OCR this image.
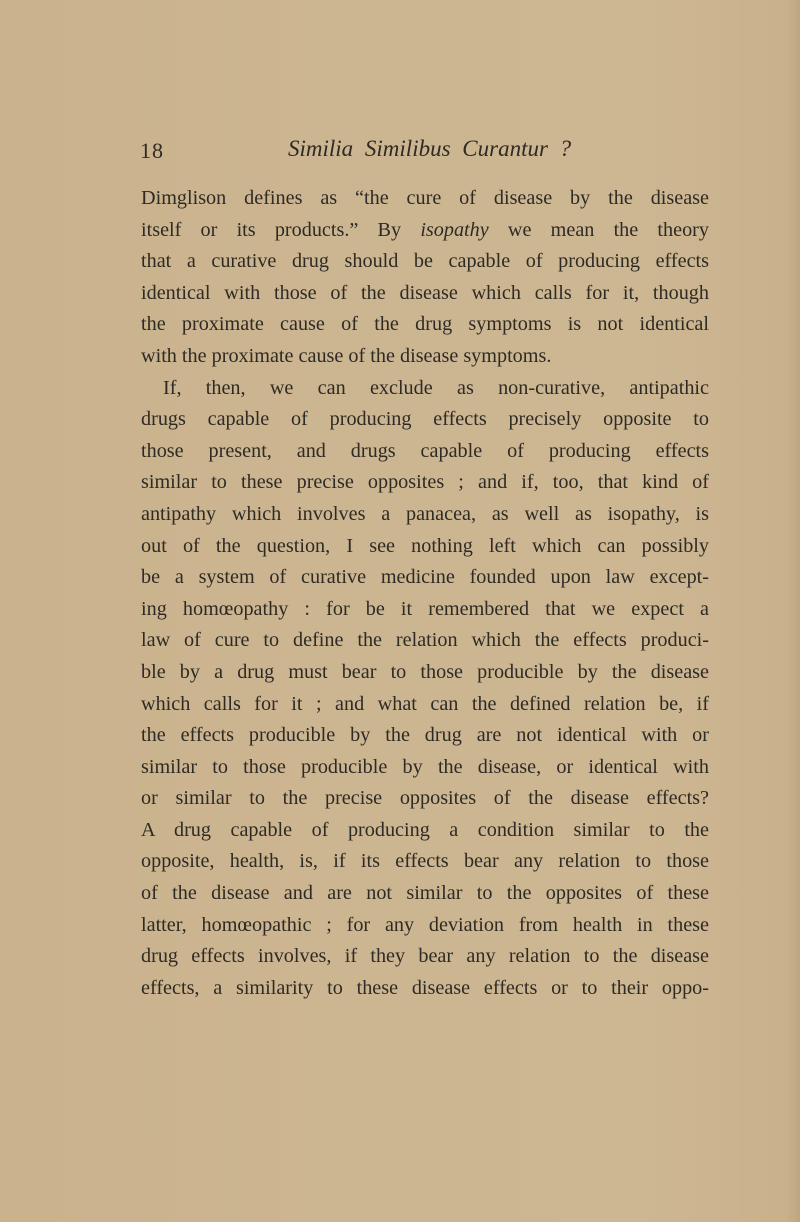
18	Similia Similibus Curantur ?
Dimglison defines as “the cure of disease by the disease
itself or its products.” By isopathy we mean the theory
that a curative drug should be capable of producing effects
identical with those of the disease which calls for it, though
the proximate cause of the drug symptoms is not identical
with the proximate cause of the disease symptoms.
If, then, we can exclude as non-curative, antipathic
drugs capable of producing effects precisely opposite to
those present, and drugs capable of producing effects
similar to these precise opposites ; and if, too, that kind of
antipathy which involves a panacea, as well as isopathy, is
out of the question, I see nothing left which can possibly
be a system of curative medicine founded upon law except-
ing homœopathy : for be it remembered that we expect a
law of cure to define the relation which the effects produci-
ble by a drug must bear to those producible by the disease
which calls for it ; and what can the defined relation be, if
the effects producible by the drug are not identical with or
similar to those producible by the disease, or identical with
or similar to the precise opposites of the disease effects?
A drug capable of producing a condition similar to the
opposite, health, is, if its effects bear any relation to those
of the disease and are not similar to the opposites of these
latter, homœopathic ; for any deviation from health in these
drug effects involves, if they bear any relation to the disease
effects, a similarity to these disease effects or to their oppo-
